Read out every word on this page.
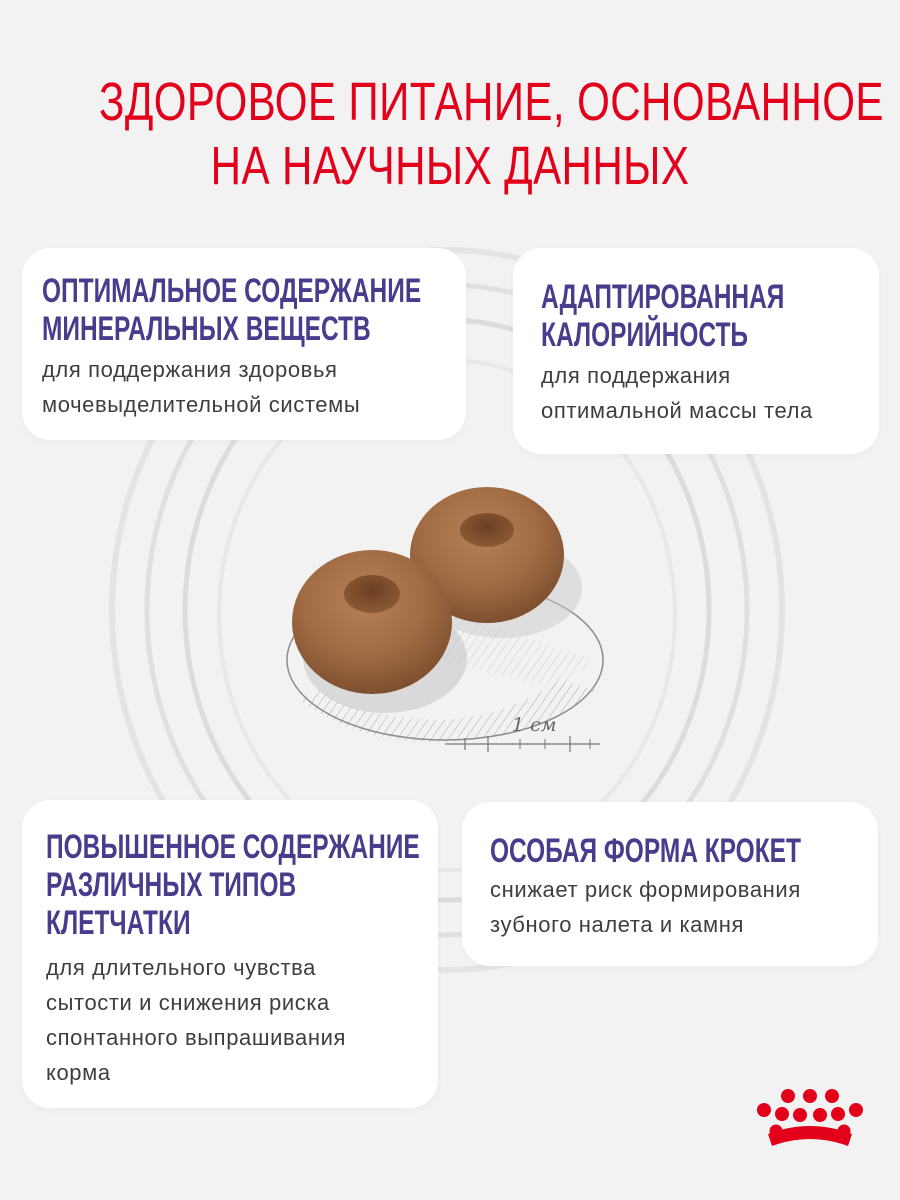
1 см
ЗДОРОВОЕ ПИТАНИЕ, ОСНОВАННОЕ
НА НАУЧНЫХ ДАННЫХ
ОПТИМАЛЬНОЕ СОДЕРЖАНИЕ
МИНЕРАЛЬНЫХ ВЕЩЕСТВ
для поддержания здоровья
мочевыделительной системы
АДАПТИРОВАННАЯ
КАЛОРИЙНОСТЬ
для поддержания
оптимальной массы тела
ПОВЫШЕННОЕ СОДЕРЖАНИЕ
РАЗЛИЧНЫХ ТИПОВ
КЛЕТЧАТКИ
для длительного чувства
сытости и снижения риска
спонтанного выпрашивания
корма
ОСОБАЯ ФОРМА КРОКЕТ
снижает риск формирования
зубного налета и камня
